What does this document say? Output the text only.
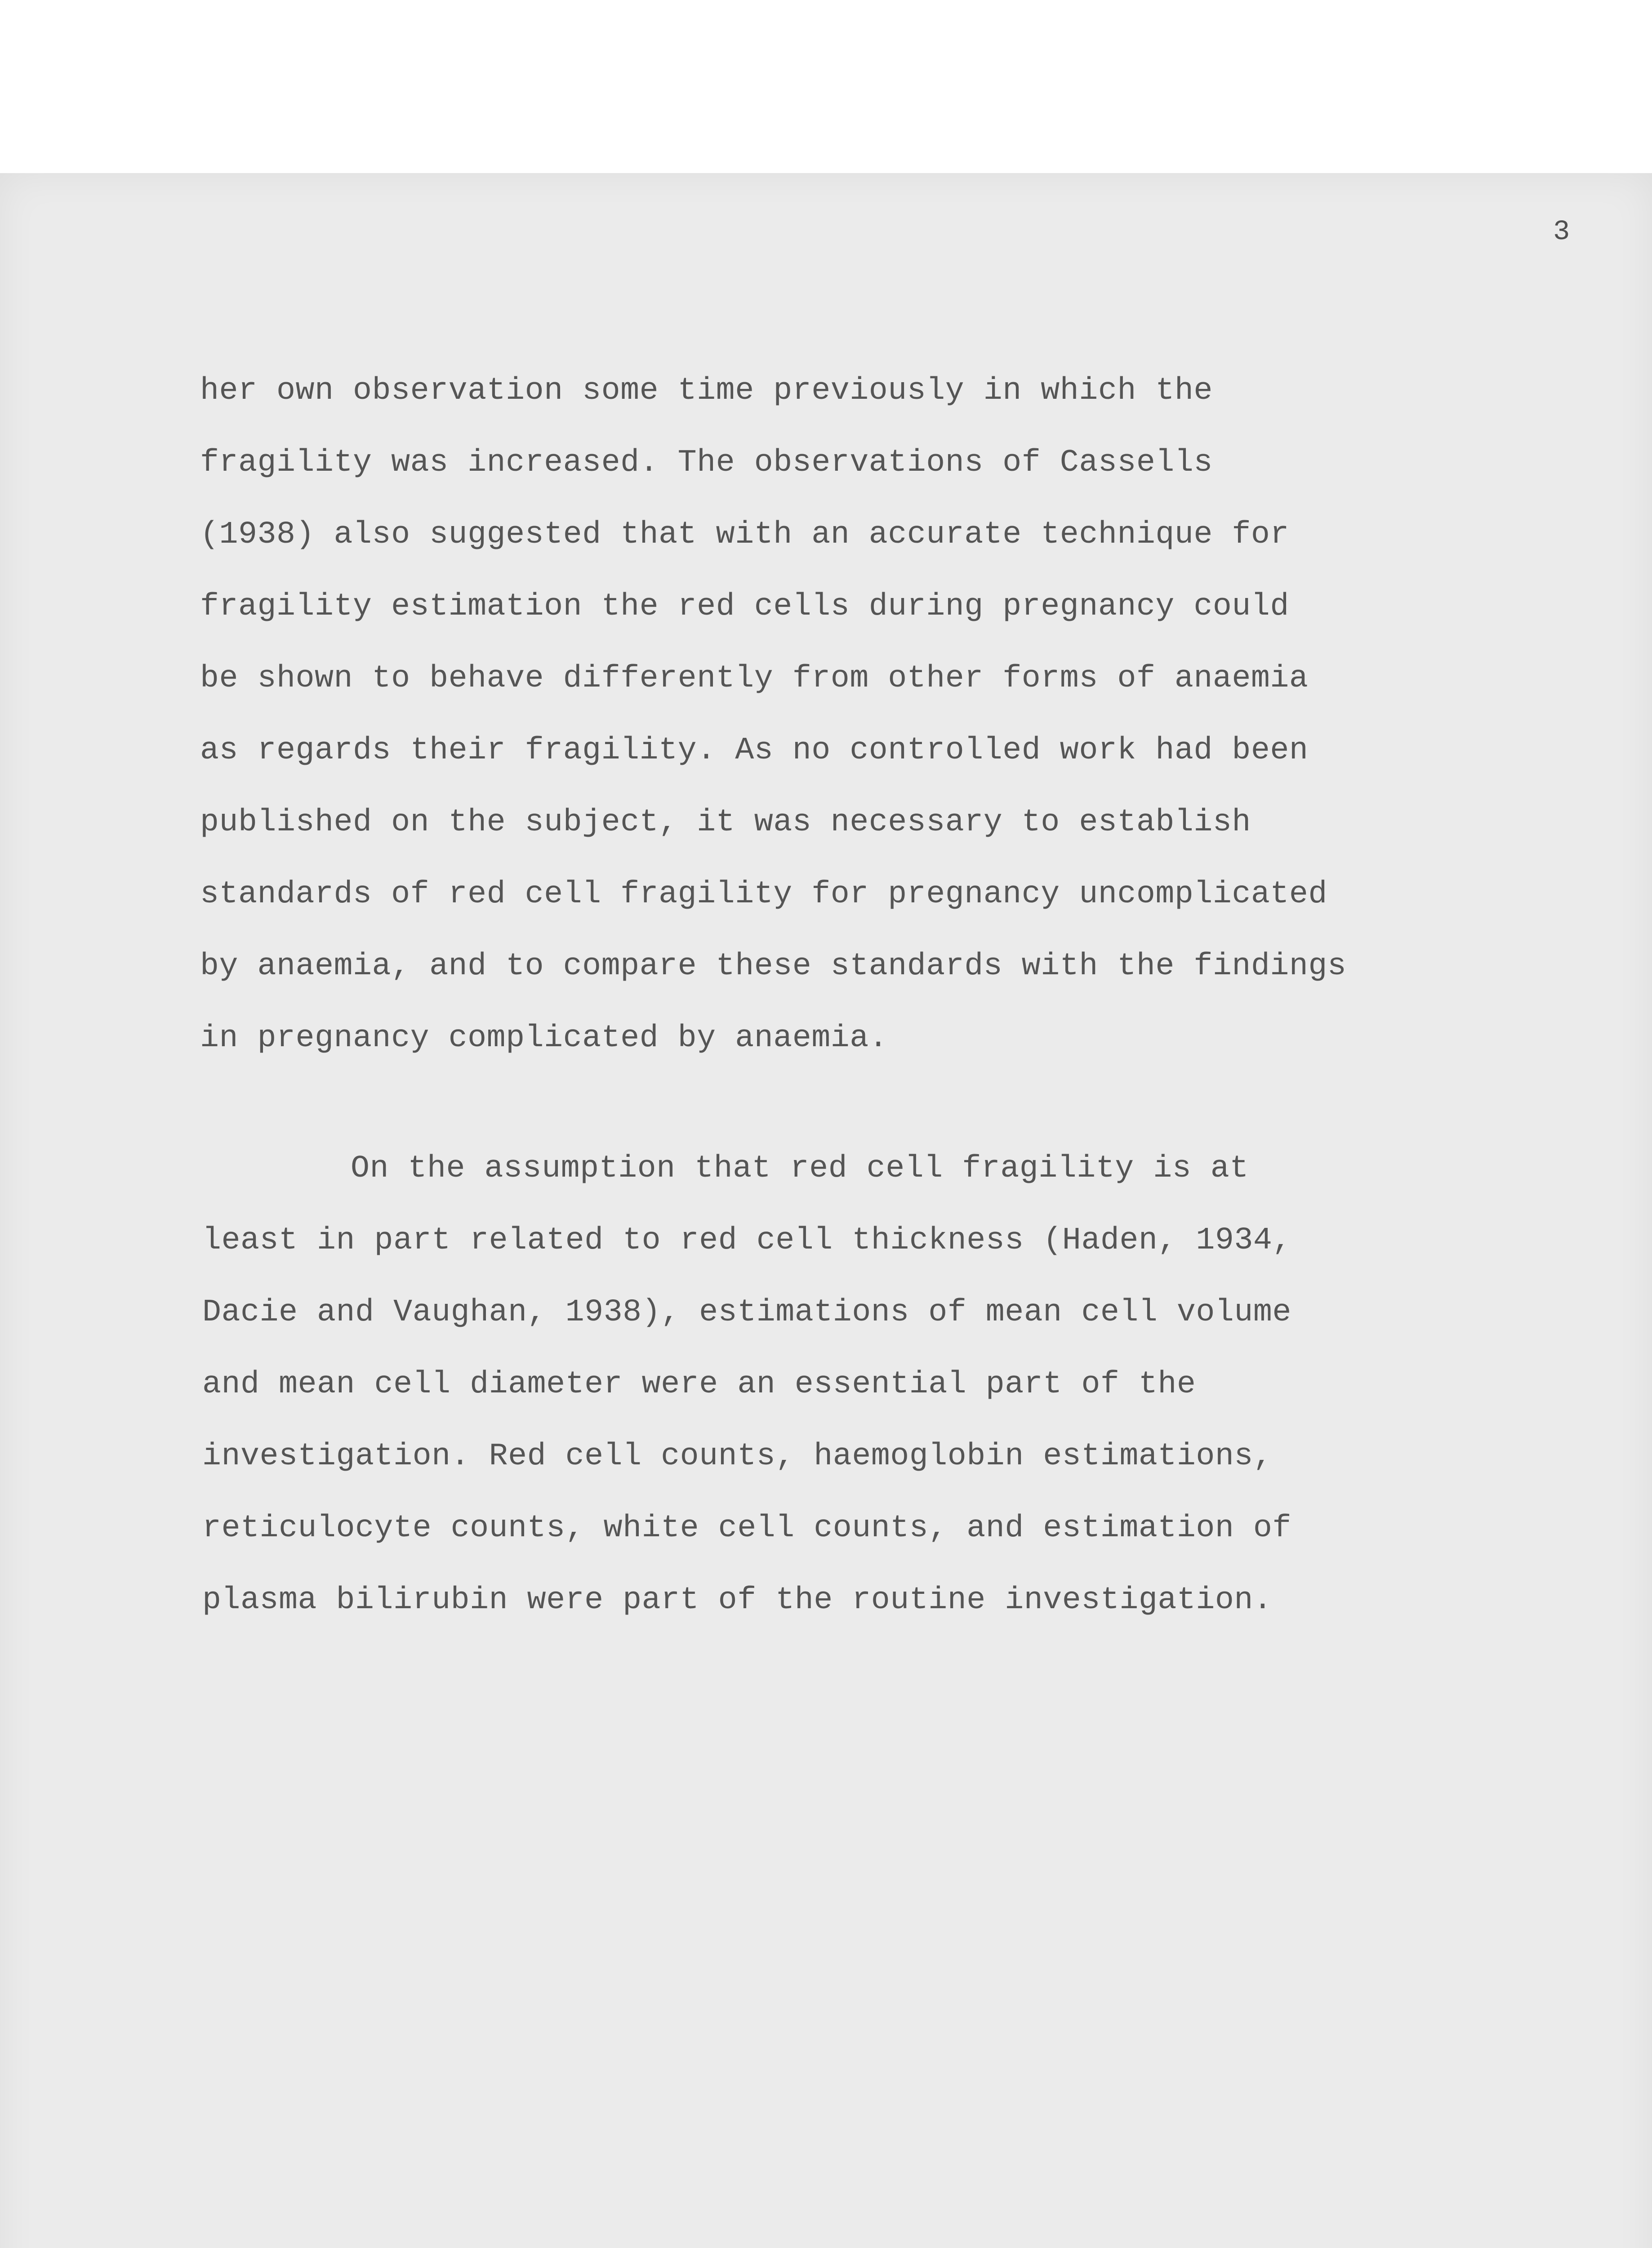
3
her own observation some time previously in which the
fragility was increased. The observations of Cassells
(1938) also suggested that with an accurate technique for
fragility estimation the red cells during pregnancy could
be shown to behave differently from other forms of anaemia
as regards their fragility. As no controlled work had been
published on the subject, it was necessary to establish
standards of red cell fragility for pregnancy uncomplicated
by anaemia, and to compare these standards with the findings
in pregnancy complicated by anaemia.
On the assumption that red cell fragility is at
least in part related to red cell thickness (Haden, 1934,
Dacie and Vaughan, 1938), estimations of mean cell volume
and mean cell diameter were an essential part of the
investigation. Red cell counts, haemoglobin estimations,
reticulocyte counts, white cell counts, and estimation of
plasma bilirubin were part of the routine investigation.
